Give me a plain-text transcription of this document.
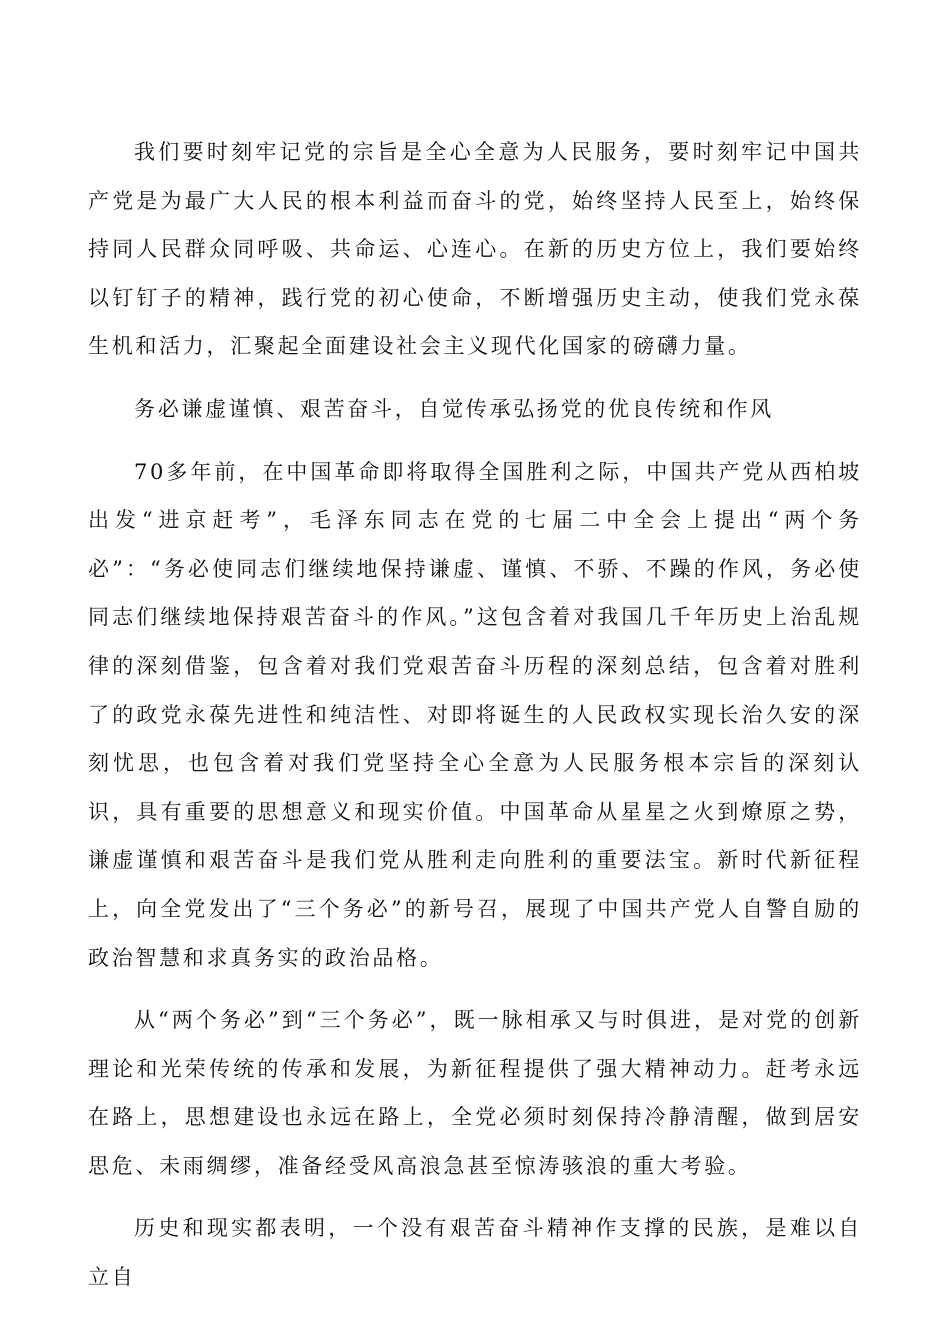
我们要时刻牢记党的宗旨是全心全意为人民服务，要时刻牢记中国共产党是为最广大人民的根本利益而奋斗的党，始终坚持人民至上，始终保持同人民群众同呼吸、共命运、心连心。在新的历史方位上，我们要始终以钉钉子的精神，践行党的初心使命，不断增强历史主动，使我们党永葆生机和活力，汇聚起全面建设社会主义现代化国家的磅礴力量。

务必谦虚谨慎、艰苦奋斗，自觉传承弘扬党的优良传统和作风

70多年前，在中国革命即将取得全国胜利之际，中国共产党从西柏坡出发“进京赶考”，毛泽东同志在党的七届二中全会上提出“两个务必”：“务必使同志们继续地保持谦虚、谨慎、不骄、不躁的作风，务必使同志们继续地保持艰苦奋斗的作风。”这包含着对我国几千年历史上治乱规律的深刻借鉴，包含着对我们党艰苦奋斗历程的深刻总结，包含着对胜利了的政党永葆先进性和纯洁性、对即将诞生的人民政权实现长治久安的深刻忧思，也包含着对我们党坚持全心全意为人民服务根本宗旨的深刻认识，具有重要的思想意义和现实价值。中国革命从星星之火到燎原之势，谦虚谨慎和艰苦奋斗是我们党从胜利走向胜利的重要法宝。新时代新征程上，向全党发出了“三个务必”的新号召，展现了中国共产党人自警自励的政治智慧和求真务实的政治品格。

从“两个务必”到“三个务必”，既一脉相承又与时俱进，是对党的创新理论和光荣传统的传承和发展，为新征程提供了强大精神动力。赶考永远在路上，思想建设也永远在路上，全党必须时刻保持冷静清醒，做到居安思危、未雨绸缪，准备经受风高浪急甚至惊涛骇浪的重大考验。

历史和现实都表明，一个没有艰苦奋斗精神作支撑的民族，是难以自立自
